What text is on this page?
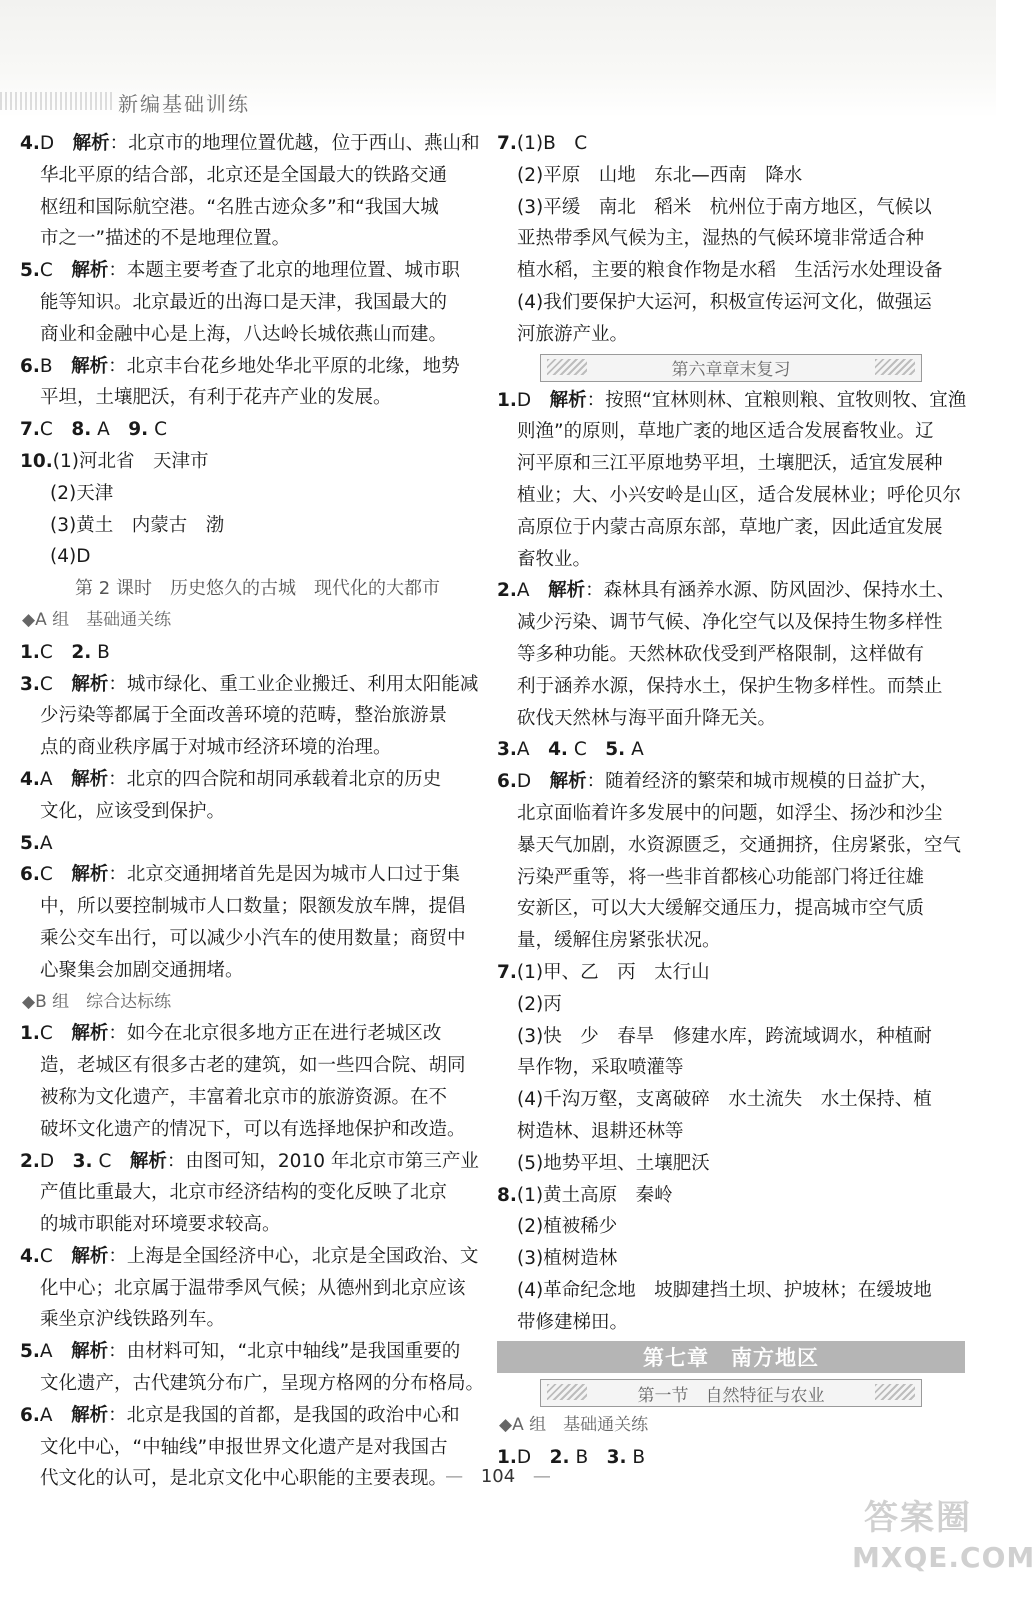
新编基础训练
4.D　解析：北京市的地理位置优越，位于西山、燕山和
华北平原的结合部，北京还是全国最大的铁路交通
枢纽和国际航空港。“名胜古迹众多”和“我国大城
市之一”描述的不是地理位置。
5.C　解析：本题主要考查了北京的地理位置、城市职
能等知识。北京最近的出海口是天津，我国最大的
商业和金融中心是上海，八达岭长城依燕山而建。
6.B　解析：北京丰台花乡地处华北平原的北缘，地势
平坦，土壤肥沃，有利于花卉产业的发展。
7.C　8. A　9. C
10.(1)河北省　天津市
(2)天津
(3)黄土　内蒙古　渤
(4)D
第 2 课时　历史悠久的古城　现代化的大都市
◆A 组　基础通关练
1.C　2. B
3.C　解析：城市绿化、重工业企业搬迁、利用太阳能减
少污染等都属于全面改善环境的范畴，整治旅游景
点的商业秩序属于对城市经济环境的治理。
4.A　解析：北京的四合院和胡同承载着北京的历史
文化，应该受到保护。
5.A
6.C　解析：北京交通拥堵首先是因为城市人口过于集
中，所以要控制城市人口数量；限额发放车牌，提倡
乘公交车出行，可以减少小汽车的使用数量；商贸中
心聚集会加剧交通拥堵。
◆B 组　综合达标练
1.C　解析：如今在北京很多地方正在进行老城区改
造，老城区有很多古老的建筑，如一些四合院、胡同
被称为文化遗产，丰富着北京市的旅游资源。在不
破坏文化遗产的情况下，可以有选择地保护和改造。
2.D　3. C　解析：由图可知，2010 年北京市第三产业
产值比重最大，北京市经济结构的变化反映了北京
的城市职能对环境要求较高。
4.C　解析：上海是全国经济中心，北京是全国政治、文
化中心；北京属于温带季风气候；从德州到北京应该
乘坐京沪线铁路列车。
5.A　解析：由材料可知，“北京中轴线”是我国重要的
文化遗产，古代建筑分布广，呈现方格网的分布格局。
6.A　解析：北京是我国的首都，是我国的政治中心和
文化中心，“中轴线”申报世界文化遗产是对我国古
代文化的认可，是北京文化中心职能的主要表现。
7.(1)B　C
(2)平原　山地　东北—西南　降水
(3)平缓　南北　稻米　杭州位于南方地区，气候以
亚热带季风气候为主，湿热的气候环境非常适合种
植水稻，主要的粮食作物是水稻　生活污水处理设备
(4)我们要保护大运河，积极宣传运河文化，做强运
河旅游产业。
第六章章末复习
1.D　解析：按照“宜林则林、宜粮则粮、宜牧则牧、宜渔
则渔”的原则，草地广袤的地区适合发展畜牧业。辽
河平原和三江平原地势平坦，土壤肥沃，适宜发展种
植业；大、小兴安岭是山区，适合发展林业；呼伦贝尔
高原位于内蒙古高原东部，草地广袤，因此适宜发展
畜牧业。
2.A　解析：森林具有涵养水源、防风固沙、保持水土、
减少污染、调节气候、净化空气以及保持生物多样性
等多种功能。天然林砍伐受到严格限制，这样做有
利于涵养水源，保持水土，保护生物多样性。而禁止
砍伐天然林与海平面升降无关。
3.A　4. C　5. A
6.D　解析：随着经济的繁荣和城市规模的日益扩大，
北京面临着许多发展中的问题，如浮尘、扬沙和沙尘
暴天气加剧，水资源匮乏，交通拥挤，住房紧张，空气
污染严重等，将一些非首都核心功能部门将迁往雄
安新区，可以大大缓解交通压力，提高城市空气质
量，缓解住房紧张状况。
7.(1)甲、乙　丙　太行山
(2)丙
(3)快　少　春旱　修建水库，跨流域调水，种植耐
旱作物，采取喷灌等
(4)千沟万壑，支离破碎　水土流失　水土保持、植
树造林、退耕还林等
(5)地势平坦、土壤肥沃
8.(1)黄土高原　秦岭
(2)植被稀少
(3)植树造林
(4)革命纪念地　坡脚建挡土坝、护坡林；在缓坡地
带修建梯田。
第七章　南方地区
第一节　自然特征与农业
◆A 组　基础通关练
1.D　2. B　3. B
— 104 —
答案圈
MXQE.COM
